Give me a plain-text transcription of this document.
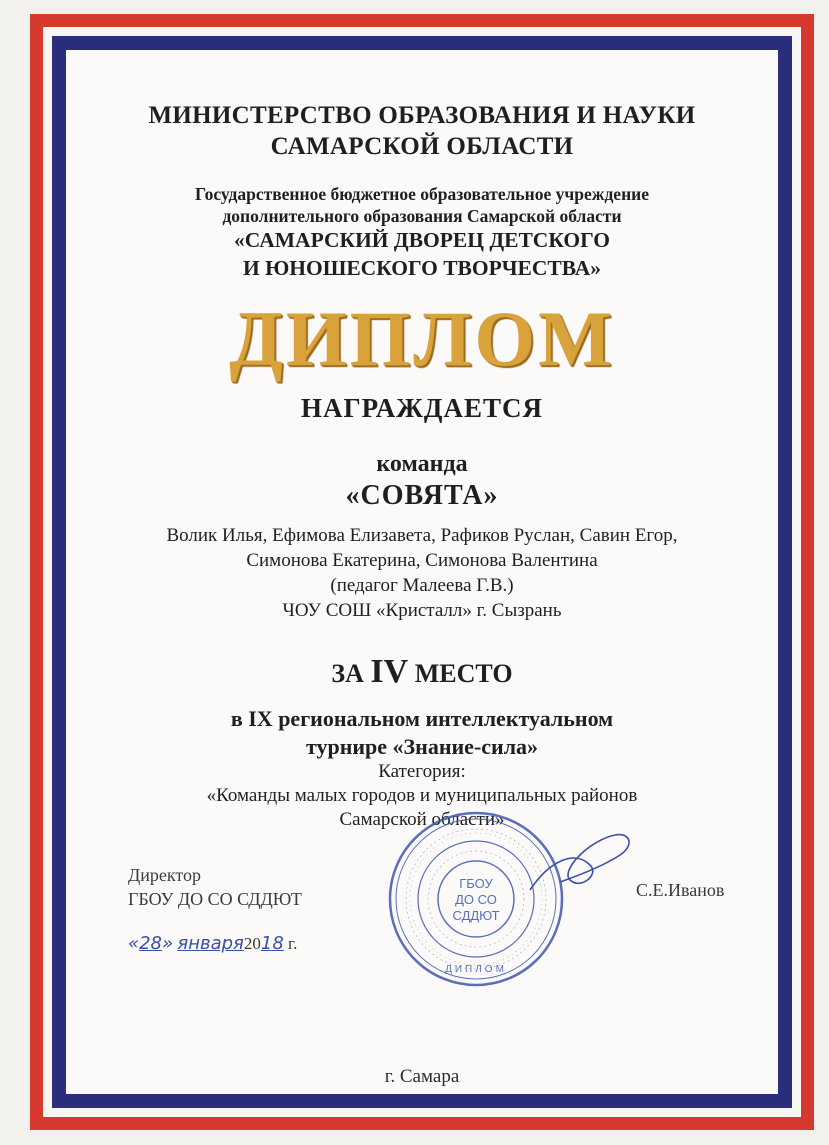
МИНИСТЕРСТВО ОБРАЗОВАНИЯ И НАУКИ
САМАРСКОЙ ОБЛАСТИ
Государственное бюджетное образовательное учреждение
дополнительного образования Самарской области
«САМАРСКИЙ ДВОРЕЦ ДЕТСКОГО
И ЮНОШЕСКОГО ТВОРЧЕСТВА»
ДИПЛОМ
НАГРАЖДАЕТСЯ
команда
«СОВЯТА»
Волик Илья, Ефимова Елизавета, Рафиков Руслан, Савин Егор,
Симонова Екатерина, Симонова Валентина
(педагог Малеева Г.В.)
ЧОУ СОШ «Кристалл» г. Сызрань
ЗА IV МЕСТО
в IX региональном интеллектуальном
турнире «Знание-сила»
Категория:
«Команды малых городов и муниципальных районов
Самарской области»
Директор
ГБОУ ДО СО СДДЮТ
ГБОУ
ДО СО
СДДЮТ
ДИПЛОМ
С.Е.Иванов
«28» января2018 г.
г. Самара
